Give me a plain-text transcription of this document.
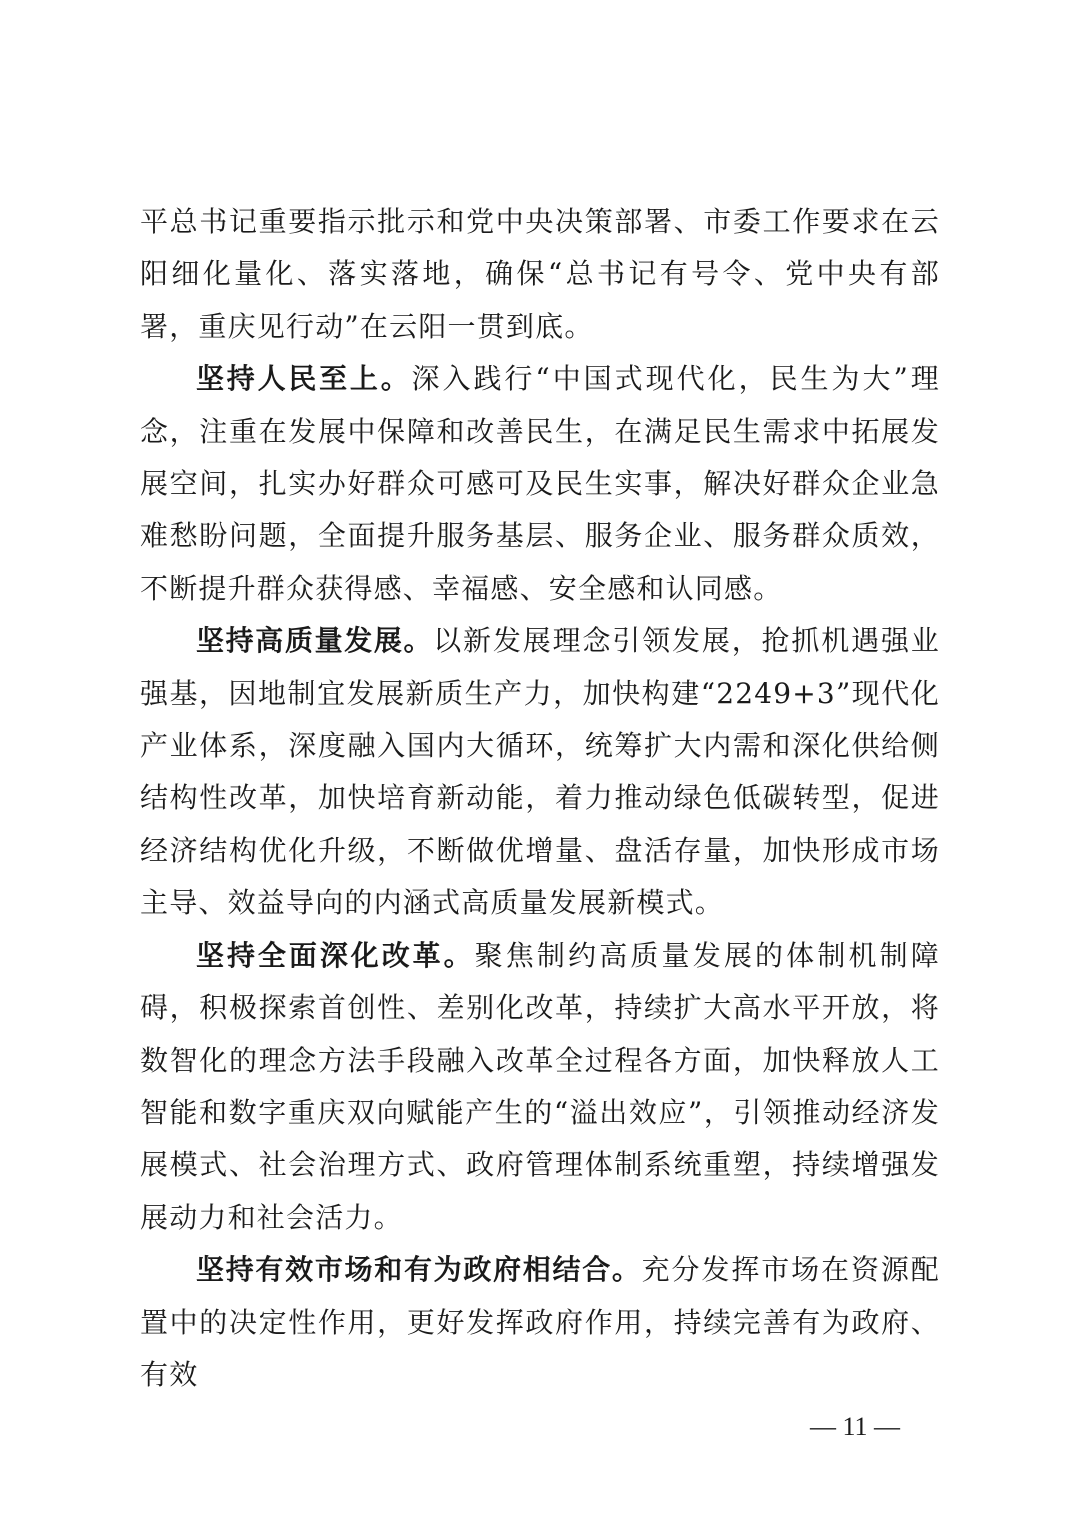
平总书记重要指示批示和党中央决策部署、市委工作要求在云阳细化量化、落实落地，确保“总书记有号令、党中央有部署，重庆见行动”在云阳一贯到底。

坚持人民至上。深入践行“中国式现代化，民生为大”理念，注重在发展中保障和改善民生，在满足民生需求中拓展发展空间，扎实办好群众可感可及民生实事，解决好群众企业急难愁盼问题，全面提升服务基层、服务企业、服务群众质效，不断提升群众获得感、幸福感、安全感和认同感。

坚持高质量发展。以新发展理念引领发展，抢抓机遇强业强基，因地制宜发展新质生产力，加快构建“2249+3”现代化产业体系，深度融入国内大循环，统筹扩大内需和深化供给侧结构性改革，加快培育新动能，着力推动绿色低碳转型，促进经济结构优化升级，不断做优增量、盘活存量，加快形成市场主导、效益导向的内涵式高质量发展新模式。

坚持全面深化改革。聚焦制约高质量发展的体制机制障碍，积极探索首创性、差别化改革，持续扩大高水平开放，将数智化的理念方法手段融入改革全过程各方面，加快释放人工智能和数字重庆双向赋能产生的“溢出效应”，引领推动经济发展模式、社会治理方式、政府管理体制系统重塑，持续增强发展动力和社会活力。

坚持有效市场和有为政府相结合。充分发挥市场在资源配置中的决定性作用，更好发挥政府作用，持续完善有为政府、有效

— 11 —
